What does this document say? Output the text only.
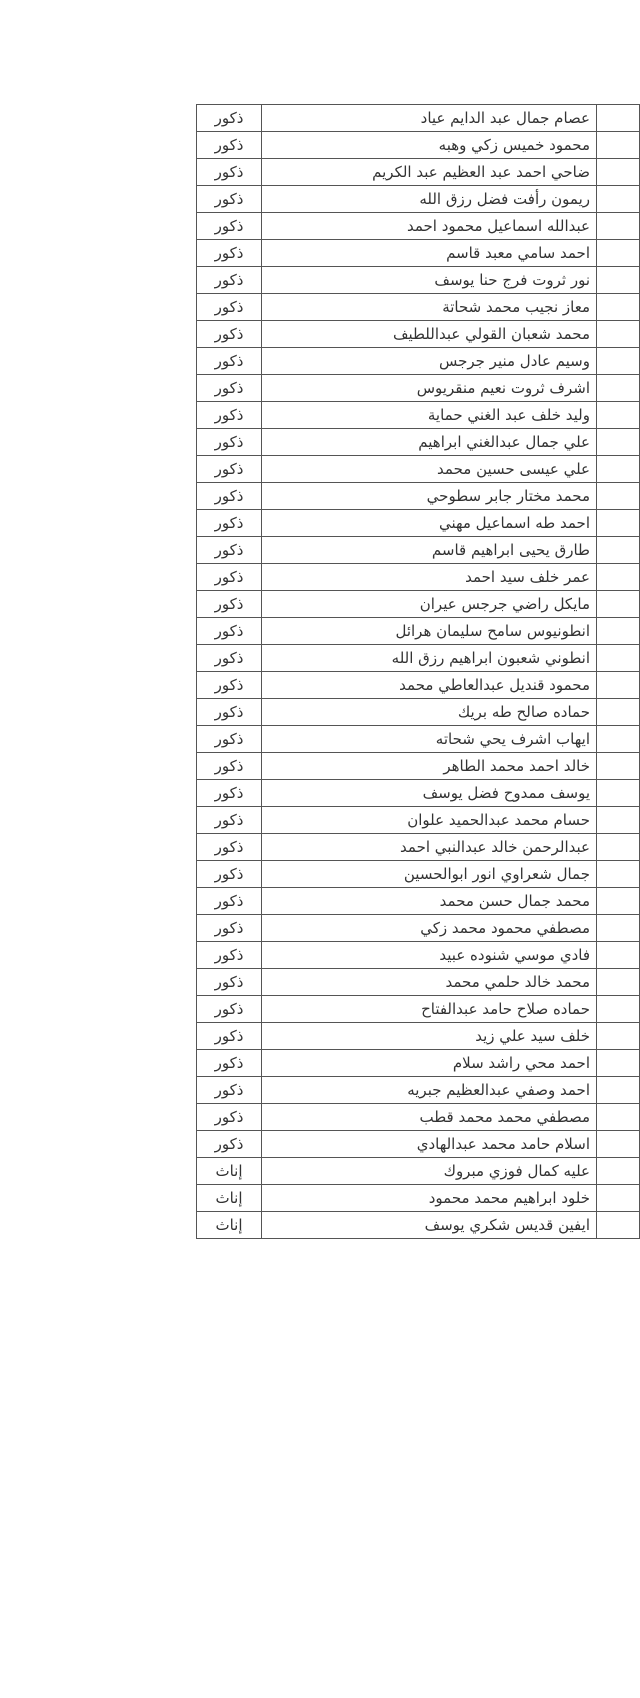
	عصام جمال عبد الدايم عياد	ذكور
	محمود خميس زكي وهبه	ذكور
	ضاحي احمد عبد العظيم عبد الكريم	ذكور
	ريمون رأفت فضل رزق الله	ذكور
	عبدالله اسماعيل محمود احمد	ذكور
	احمد سامي معبد قاسم	ذكور
	نور ثروت فرج حنا يوسف	ذكور
	معاز نجيب محمد شحاتة	ذكور
	محمد شعبان القولي عبداللطيف	ذكور
	وسيم عادل منير جرجس	ذكور
	اشرف ثروت نعيم منقريوس	ذكور
	وليد خلف عبد الغني حماية	ذكور
	علي جمال عبدالغني ابراهيم	ذكور
	علي عيسى حسين محمد	ذكور
	محمد مختار جابر سطوحي	ذكور
	احمد طه اسماعيل مهني	ذكور
	طارق يحيى ابراهيم قاسم	ذكور
	عمر خلف سيد احمد	ذكور
	مايكل راضي جرجس عيران	ذكور
	انطونيوس سامح سليمان هرائل	ذكور
	انطوني شعبون ابراهيم رزق الله	ذكور
	محمود قنديل عبدالعاطي محمد	ذكور
	حماده صالح طه بريك	ذكور
	ايهاب اشرف يحي شحاته	ذكور
	خالد احمد محمد الطاهر	ذكور
	يوسف ممدوح فضل يوسف	ذكور
	حسام محمد عبدالحميد علوان	ذكور
	عبدالرحمن خالد عبدالنبي احمد	ذكور
	جمال شعراوي انور ابوالحسين	ذكور
	محمد جمال حسن محمد	ذكور
	مصطفي محمود محمد زكي	ذكور
	فادي موسي شنوده عبيد	ذكور
	محمد خالد حلمي محمد	ذكور
	حماده صلاح حامد عبدالفتاح	ذكور
	خلف سيد علي زيد	ذكور
	احمد محي راشد سلام	ذكور
	احمد وصفي عبدالعظيم جبريه	ذكور
	مصطفي محمد محمد قطب	ذكور
	اسلام حامد محمد عبدالهادي	ذكور
	عليه كمال فوزي مبروك	إناث
	خلود ابراهيم محمد محمود	إناث
	ايفين قديس شكري يوسف	إناث
